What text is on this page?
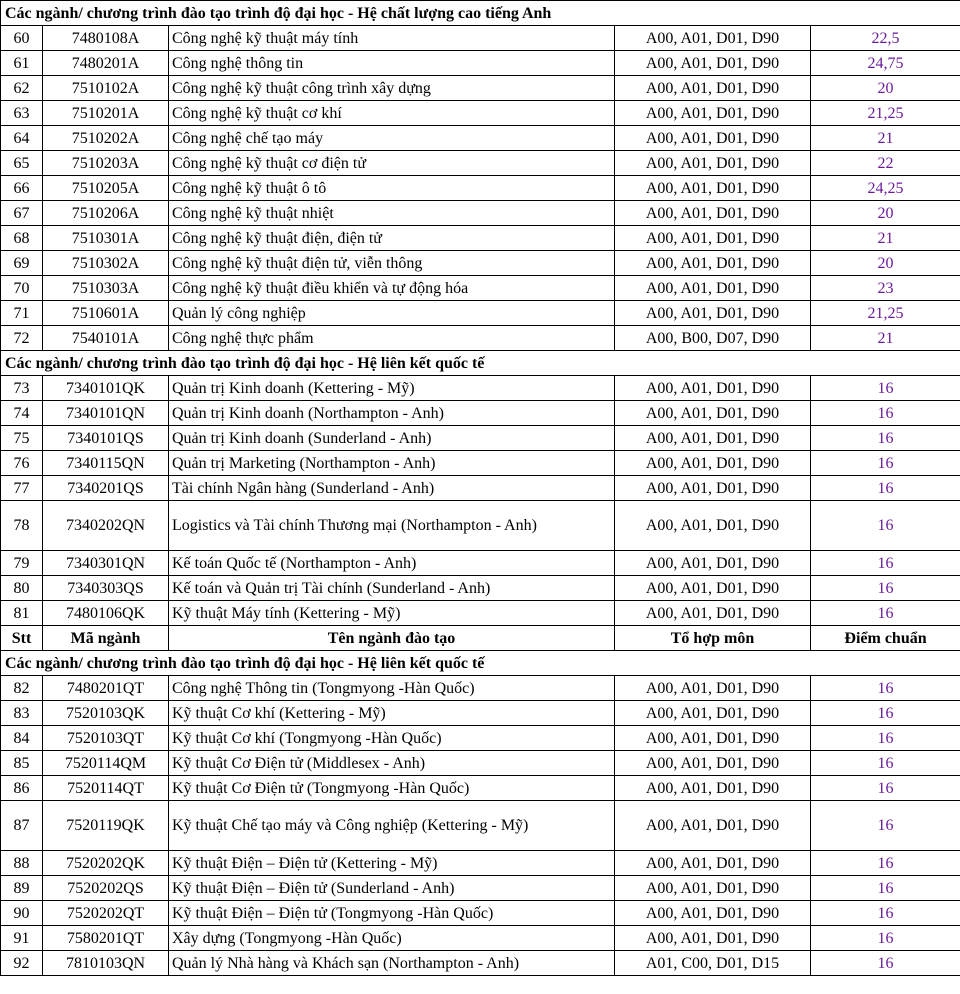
Các ngành/ chương trình đào tạo trình độ đại học - Hệ chất lượng cao tiếng Anh				
60	7480108A	Công nghệ kỹ thuật máy tính	A00, A01, D01, D90	22,5
61	7480201A	Công nghệ thông tin	A00, A01, D01, D90	24,75
62	7510102A	Công nghệ kỹ thuật công trình xây dựng	A00, A01, D01, D90	20
63	7510201A	Công nghệ kỹ thuật cơ khí	A00, A01, D01, D90	21,25
64	7510202A	Công nghệ chế tạo máy	A00, A01, D01, D90	21
65	7510203A	Công nghệ kỹ thuật cơ điện tử	A00, A01, D01, D90	22
66	7510205A	Công nghệ kỹ thuật ô tô	A00, A01, D01, D90	24,25
67	7510206A	Công nghệ kỹ thuật nhiệt	A00, A01, D01, D90	20
68	7510301A	Công nghệ kỹ thuật điện, điện tử	A00, A01, D01, D90	21
69	7510302A	Công nghệ kỹ thuật điện tử, viễn thông	A00, A01, D01, D90	20
70	7510303A	Công nghệ kỹ thuật điều khiển và tự động hóa	A00, A01, D01, D90	23
71	7510601A	Quản lý công nghiệp	A00, A01, D01, D90	21,25
72	7540101A	Công nghệ thực phẩm	A00, B00, D07, D90	21
Các ngành/ chương trình đào tạo trình độ đại học - Hệ liên kết quốc tế				
73	7340101QK	Quản trị Kinh doanh (Kettering - Mỹ)	A00, A01, D01, D90	16
74	7340101QN	Quản trị Kinh doanh (Northampton - Anh)	A00, A01, D01, D90	16
75	7340101QS	Quản trị Kinh doanh (Sunderland - Anh)	A00, A01, D01, D90	16
76	7340115QN	Quản trị Marketing (Northampton - Anh)	A00, A01, D01, D90	16
77	7340201QS	Tài chính Ngân hàng (Sunderland - Anh)	A00, A01, D01, D90	16
78	7340202QN	Logistics và Tài chính Thương mại (Northampton - Anh)	A00, A01, D01, D90	16
79	7340301QN	Kế toán Quốc tế (Northampton - Anh)	A00, A01, D01, D90	16
80	7340303QS	Kế toán và Quản trị Tài chính (Sunderland - Anh)	A00, A01, D01, D90	16
81	7480106QK	Kỹ thuật Máy tính (Kettering - Mỹ)	A00, A01, D01, D90	16
Stt	Mã ngành	Tên ngành đào tạo	Tổ hợp môn	Điểm chuẩn
Các ngành/ chương trình đào tạo trình độ đại học - Hệ liên kết quốc tế				
82	7480201QT	Công nghệ Thông tin (Tongmyong -Hàn Quốc)	A00, A01, D01, D90	16
83	7520103QK	Kỹ thuật Cơ khí (Kettering - Mỹ)	A00, A01, D01, D90	16
84	7520103QT	Kỹ thuật Cơ khí (Tongmyong -Hàn Quốc)	A00, A01, D01, D90	16
85	7520114QM	Kỹ thuật Cơ Điện tử (Middlesex - Anh)	A00, A01, D01, D90	16
86	7520114QT	Kỹ thuật Cơ Điện tử (Tongmyong -Hàn Quốc)	A00, A01, D01, D90	16
87	7520119QK	Kỹ thuật Chế tạo máy và Công nghiệp (Kettering - Mỹ)	A00, A01, D01, D90	16
88	7520202QK	Kỹ thuật Điện – Điện tử (Kettering - Mỹ)	A00, A01, D01, D90	16
89	7520202QS	Kỹ thuật Điện – Điện tử (Sunderland - Anh)	A00, A01, D01, D90	16
90	7520202QT	Kỹ thuật Điện – Điện tử (Tongmyong -Hàn Quốc)	A00, A01, D01, D90	16
91	7580201QT	Xây dựng (Tongmyong -Hàn Quốc)	A00, A01, D01, D90	16
92	7810103QN	Quản lý Nhà hàng và Khách sạn (Northampton - Anh)	A01, C00, D01, D15	16
